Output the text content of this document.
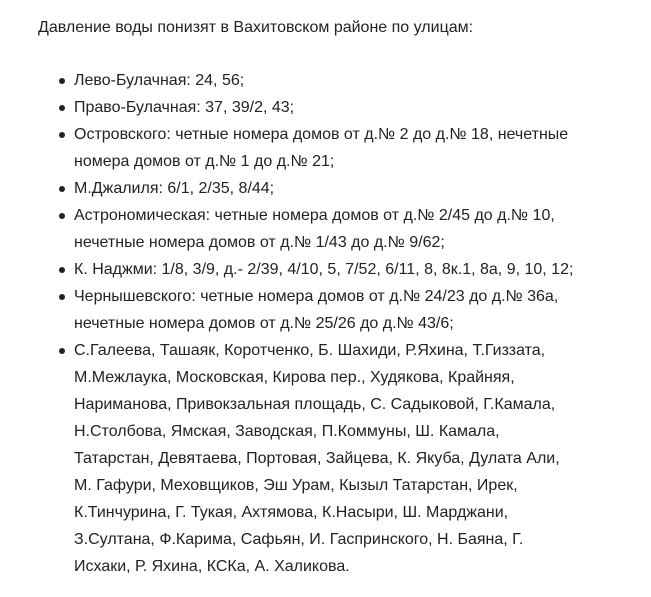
Давление воды понизят в Вахитовском районе по улицам:

Лево-Булачная: 24, 56;
Право-Булачная: 37, 39/2, 43;
Островского: четные номера домов от д.№ 2 до д.№ 18, нечетные
номера домов от д.№ 1 до д.№ 21;
М.Джалиля: 6/1, 2/35, 8/44;
Астрономическая: четные номера домов от д.№ 2/45 до д.№ 10,
нечетные номера домов от д.№ 1/43 до д.№ 9/62;
К. Наджми: 1/8, 3/9, д.- 2/39, 4/10, 5, 7/52, 6/11, 8, 8к.1, 8а, 9, 10, 12;
Чернышевского: четные номера домов от д.№ 24/23 до д.№ 36а,
нечетные номера домов от д.№ 25/26 до д.№ 43/6;
С.Галеева, Ташаяк, Коротченко, Б. Шахиди, Р.Яхина, Т.Гиззата,
М.Межлаука, Московская, Кирова пер., Худякова, Крайняя,
Нариманова, Привокзальная площадь, С. Садыковой, Г.Камала,
Н.Столбова, Ямская, Заводская, П.Коммуны, Ш. Камала,
Татарстан, Девятаева, Портовая, Зайцева, К. Якуба, Дулата Али,
М. Гафури, Меховщиков, Эш Урам, Кызыл Татарстан, Ирек,
К.Тинчурина, Г. Тукая, Ахтямова, К.Насыри, Ш. Марджани,
З.Султана, Ф.Карима, Сафьян, И. Гаспринского, Н. Баяна, Г.
Исхаки, Р. Яхина, КСКа, А. Халикова.
